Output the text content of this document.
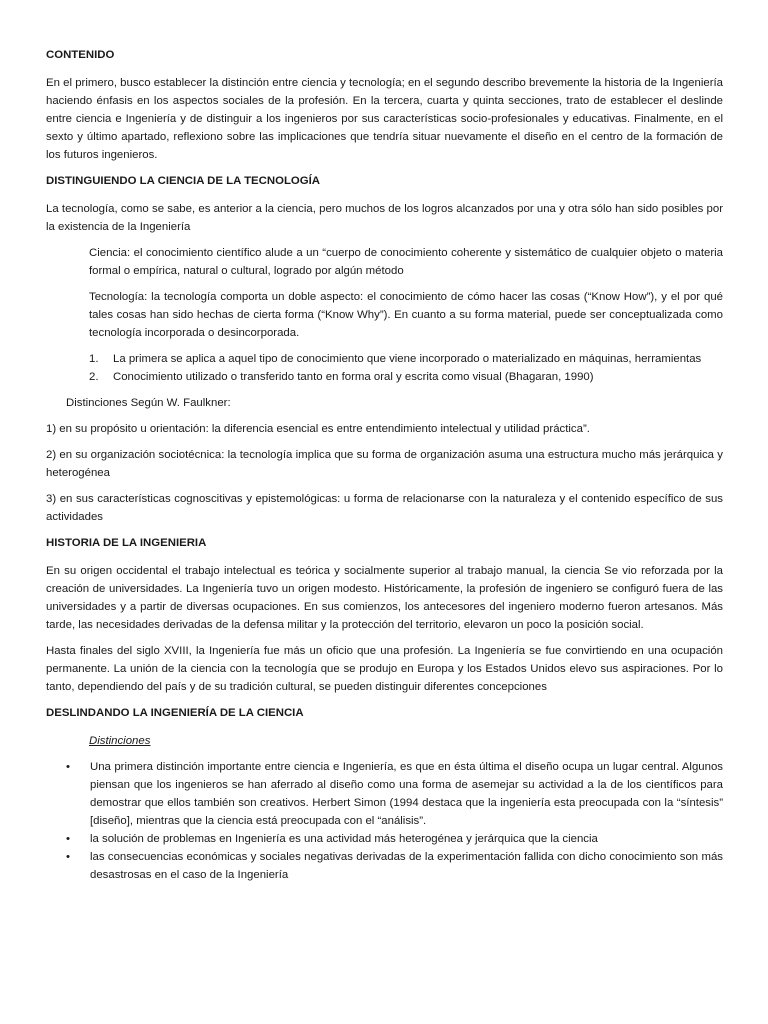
CONTENIDO

En el primero, busco establecer la distinción entre ciencia y tecnología; en el segundo describo brevemente la historia de la Ingeniería haciendo énfasis en los aspectos sociales de la profesión. En la tercera, cuarta y quinta secciones, trato de establecer el deslinde entre ciencia e Ingeniería y de distinguir a los ingenieros por sus características socio-profesionales y educativas. Finalmente, en el sexto y último apartado, reflexiono sobre las implicaciones que tendría situar nuevamente el diseño en el centro de la formación de los futuros ingenieros.

DISTINGUIENDO LA CIENCIA DE LA TECNOLOGÍA

La tecnología, como se sabe, es anterior a la ciencia, pero muchos de los logros alcanzados por una y otra sólo han sido posibles por la existencia de la Ingeniería

Ciencia: el conocimiento científico alude a un “cuerpo de conocimiento coherente y sistemático de cualquier objeto o materia formal o empírica, natural o cultural, logrado por algún método

Tecnología: la tecnología comporta un doble aspecto: el conocimiento de cómo hacer las cosas (“Know How”), y el por qué tales cosas han sido hechas de cierta forma (“Know Why”). En cuanto a su forma material, puede ser conceptualizada como tecnología incorporada o desincorporada.

1. La primera se aplica a aquel tipo de conocimiento que viene incorporado o materializado en máquinas, herramientas
2. Conocimiento utilizado o transferido tanto en forma oral y escrita como visual (Bhagaran, 1990)

Distinciones Según W. Faulkner:

1) en su propósito u orientación: la diferencia esencial es entre entendimiento intelectual y utilidad práctica”.

2) en su organización sociotécnica: la tecnología implica que su forma de organización asuma una estructura mucho más jerárquica y heterogénea

3) en sus características cognoscitivas y epistemológicas: u forma de relacionarse con la naturaleza y el contenido específico de sus actividades

HISTORIA DE LA INGENIERIA

En su origen occidental el trabajo intelectual es teórica y socialmente superior al trabajo manual, la ciencia Se vio reforzada por la creación de universidades. La Ingeniería tuvo un origen modesto. Históricamente, la profesión de ingeniero se configuró fuera de las universidades y a partir de diversas ocupaciones. En sus comienzos, los antecesores del ingeniero moderno fueron artesanos. Más tarde, las necesidades derivadas de la defensa militar y la protección del territorio, elevaron un poco la posición social.

Hasta finales del siglo XVIII, la Ingeniería fue más un oficio que una profesión. La Ingeniería se fue convirtiendo en una ocupación permanente. La unión de la ciencia con la tecnología que se produjo en Europa y los Estados Unidos elevo sus aspiraciones. Por lo tanto, dependiendo del país y de su tradición cultural, se pueden distinguir diferentes concepciones

DESLINDANDO LA INGENIERÍA DE LA CIENCIA
Distinciones
• Una primera distinción importante entre ciencia e Ingeniería, es que en ésta última el diseño ocupa un lugar central. Algunos piensan que los ingenieros se han aferrado al diseño como una forma de asemejar su actividad a la de los científicos para demostrar que ellos también son creativos. Herbert Simon (1994 destaca que la ingeniería esta preocupada con la “síntesis” [diseño], mientras que la ciencia está preocupada con el “análisis”.
• la solución de problemas en Ingeniería es una actividad más heterogénea y jerárquica que la ciencia
• las consecuencias económicas y sociales negativas derivadas de la experimentación fallida con dicho conocimiento son más desastrosas en el caso de la Ingeniería
